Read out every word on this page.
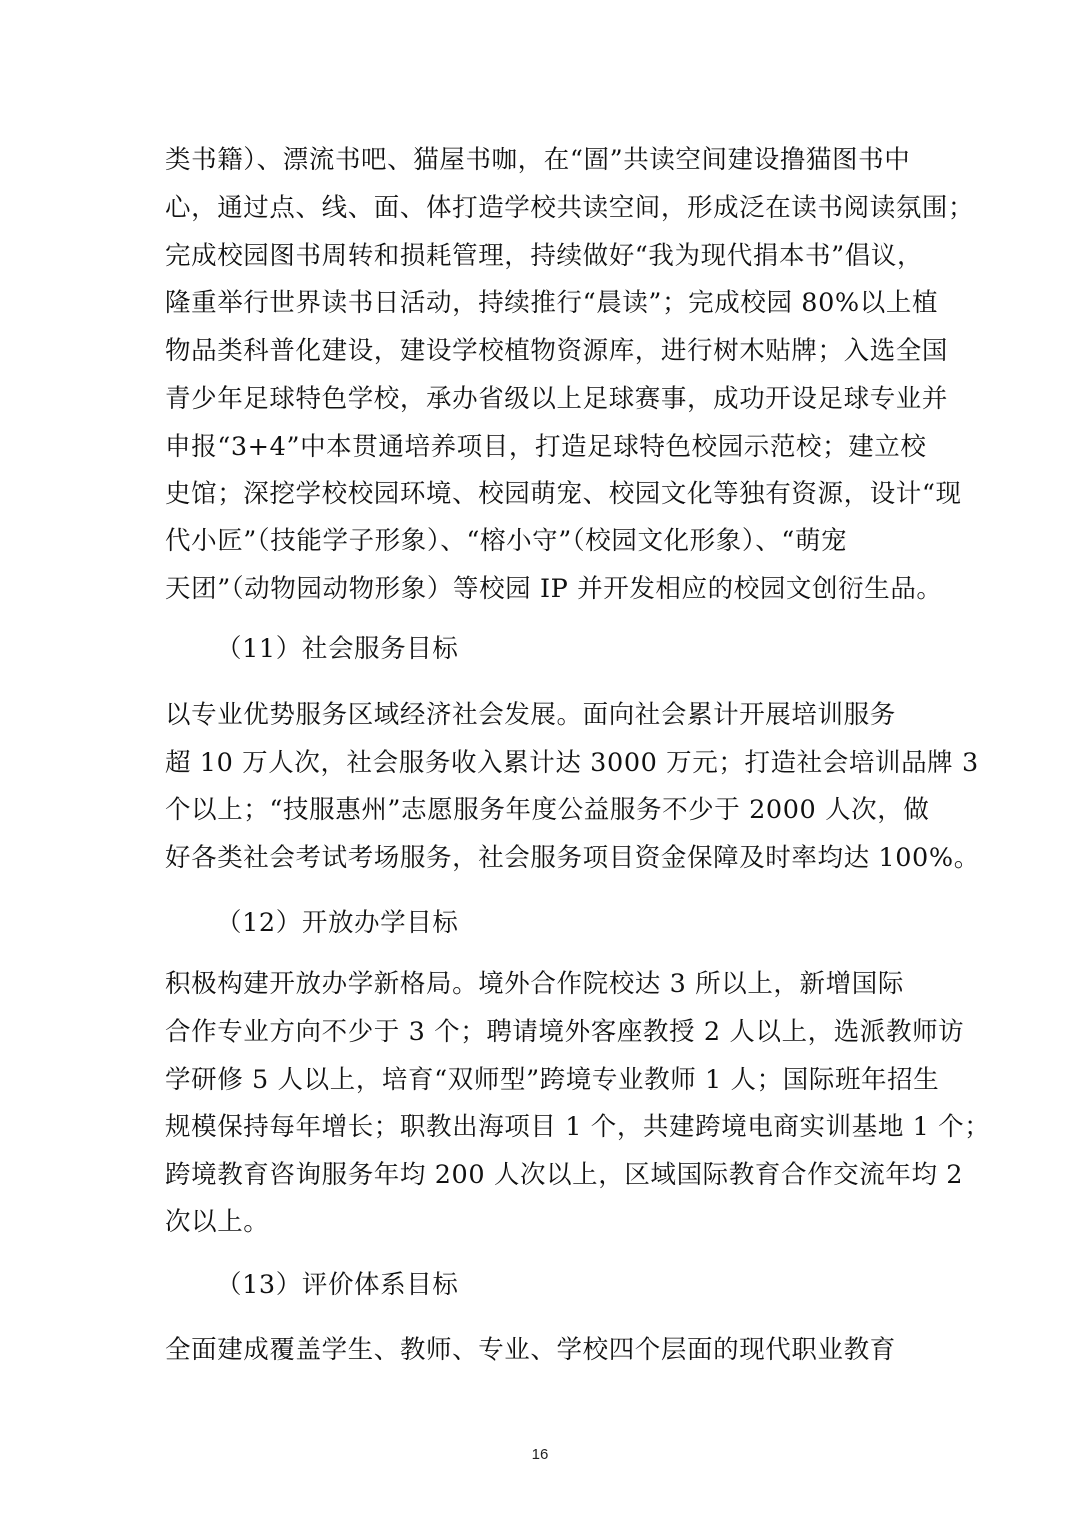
类书籍）、漂流书吧、猫屋书咖，在“圄”共读空间建设撸猫图书中
心，通过点、线、面、体打造学校共读空间，形成泛在读书阅读氛围；
完成校园图书周转和损耗管理，持续做好“我为现代捐本书”倡议，
隆重举行世界读书日活动，持续推行“晨读”；完成校园 80%以上植
物品类科普化建设，建设学校植物资源库，进行树木贴牌；入选全国
青少年足球特色学校，承办省级以上足球赛事，成功开设足球专业并
申报“3+4”中本贯通培养项目，打造足球特色校园示范校；建立校
史馆；深挖学校校园环境、校园萌宠、校园文化等独有资源，设计“现
代小匠”（技能学子形象）、“榕小守”（校园文化形象）、“萌宠
天团”（动物园动物形象）等校园 IP 并开发相应的校园文创衍生品。
（11）社会服务目标
以专业优势服务区域经济社会发展。面向社会累计开展培训服务
超 10 万人次，社会服务收入累计达 3000 万元；打造社会培训品牌 3
个以上；“技服惠州”志愿服务年度公益服务不少于 2000 人次，做
好各类社会考试考场服务，社会服务项目资金保障及时率均达 100%。
（12）开放办学目标
积极构建开放办学新格局。境外合作院校达 3 所以上，新增国际
合作专业方向不少于 3 个；聘请境外客座教授 2 人以上，选派教师访
学研修 5 人以上，培育“双师型”跨境专业教师 1 人；国际班年招生
规模保持每年增长；职教出海项目 1 个，共建跨境电商实训基地 1 个；
跨境教育咨询服务年均 200 人次以上，区域国际教育合作交流年均 2
次以上。
（13）评价体系目标
全面建成覆盖学生、教师、专业、学校四个层面的现代职业教育
16
